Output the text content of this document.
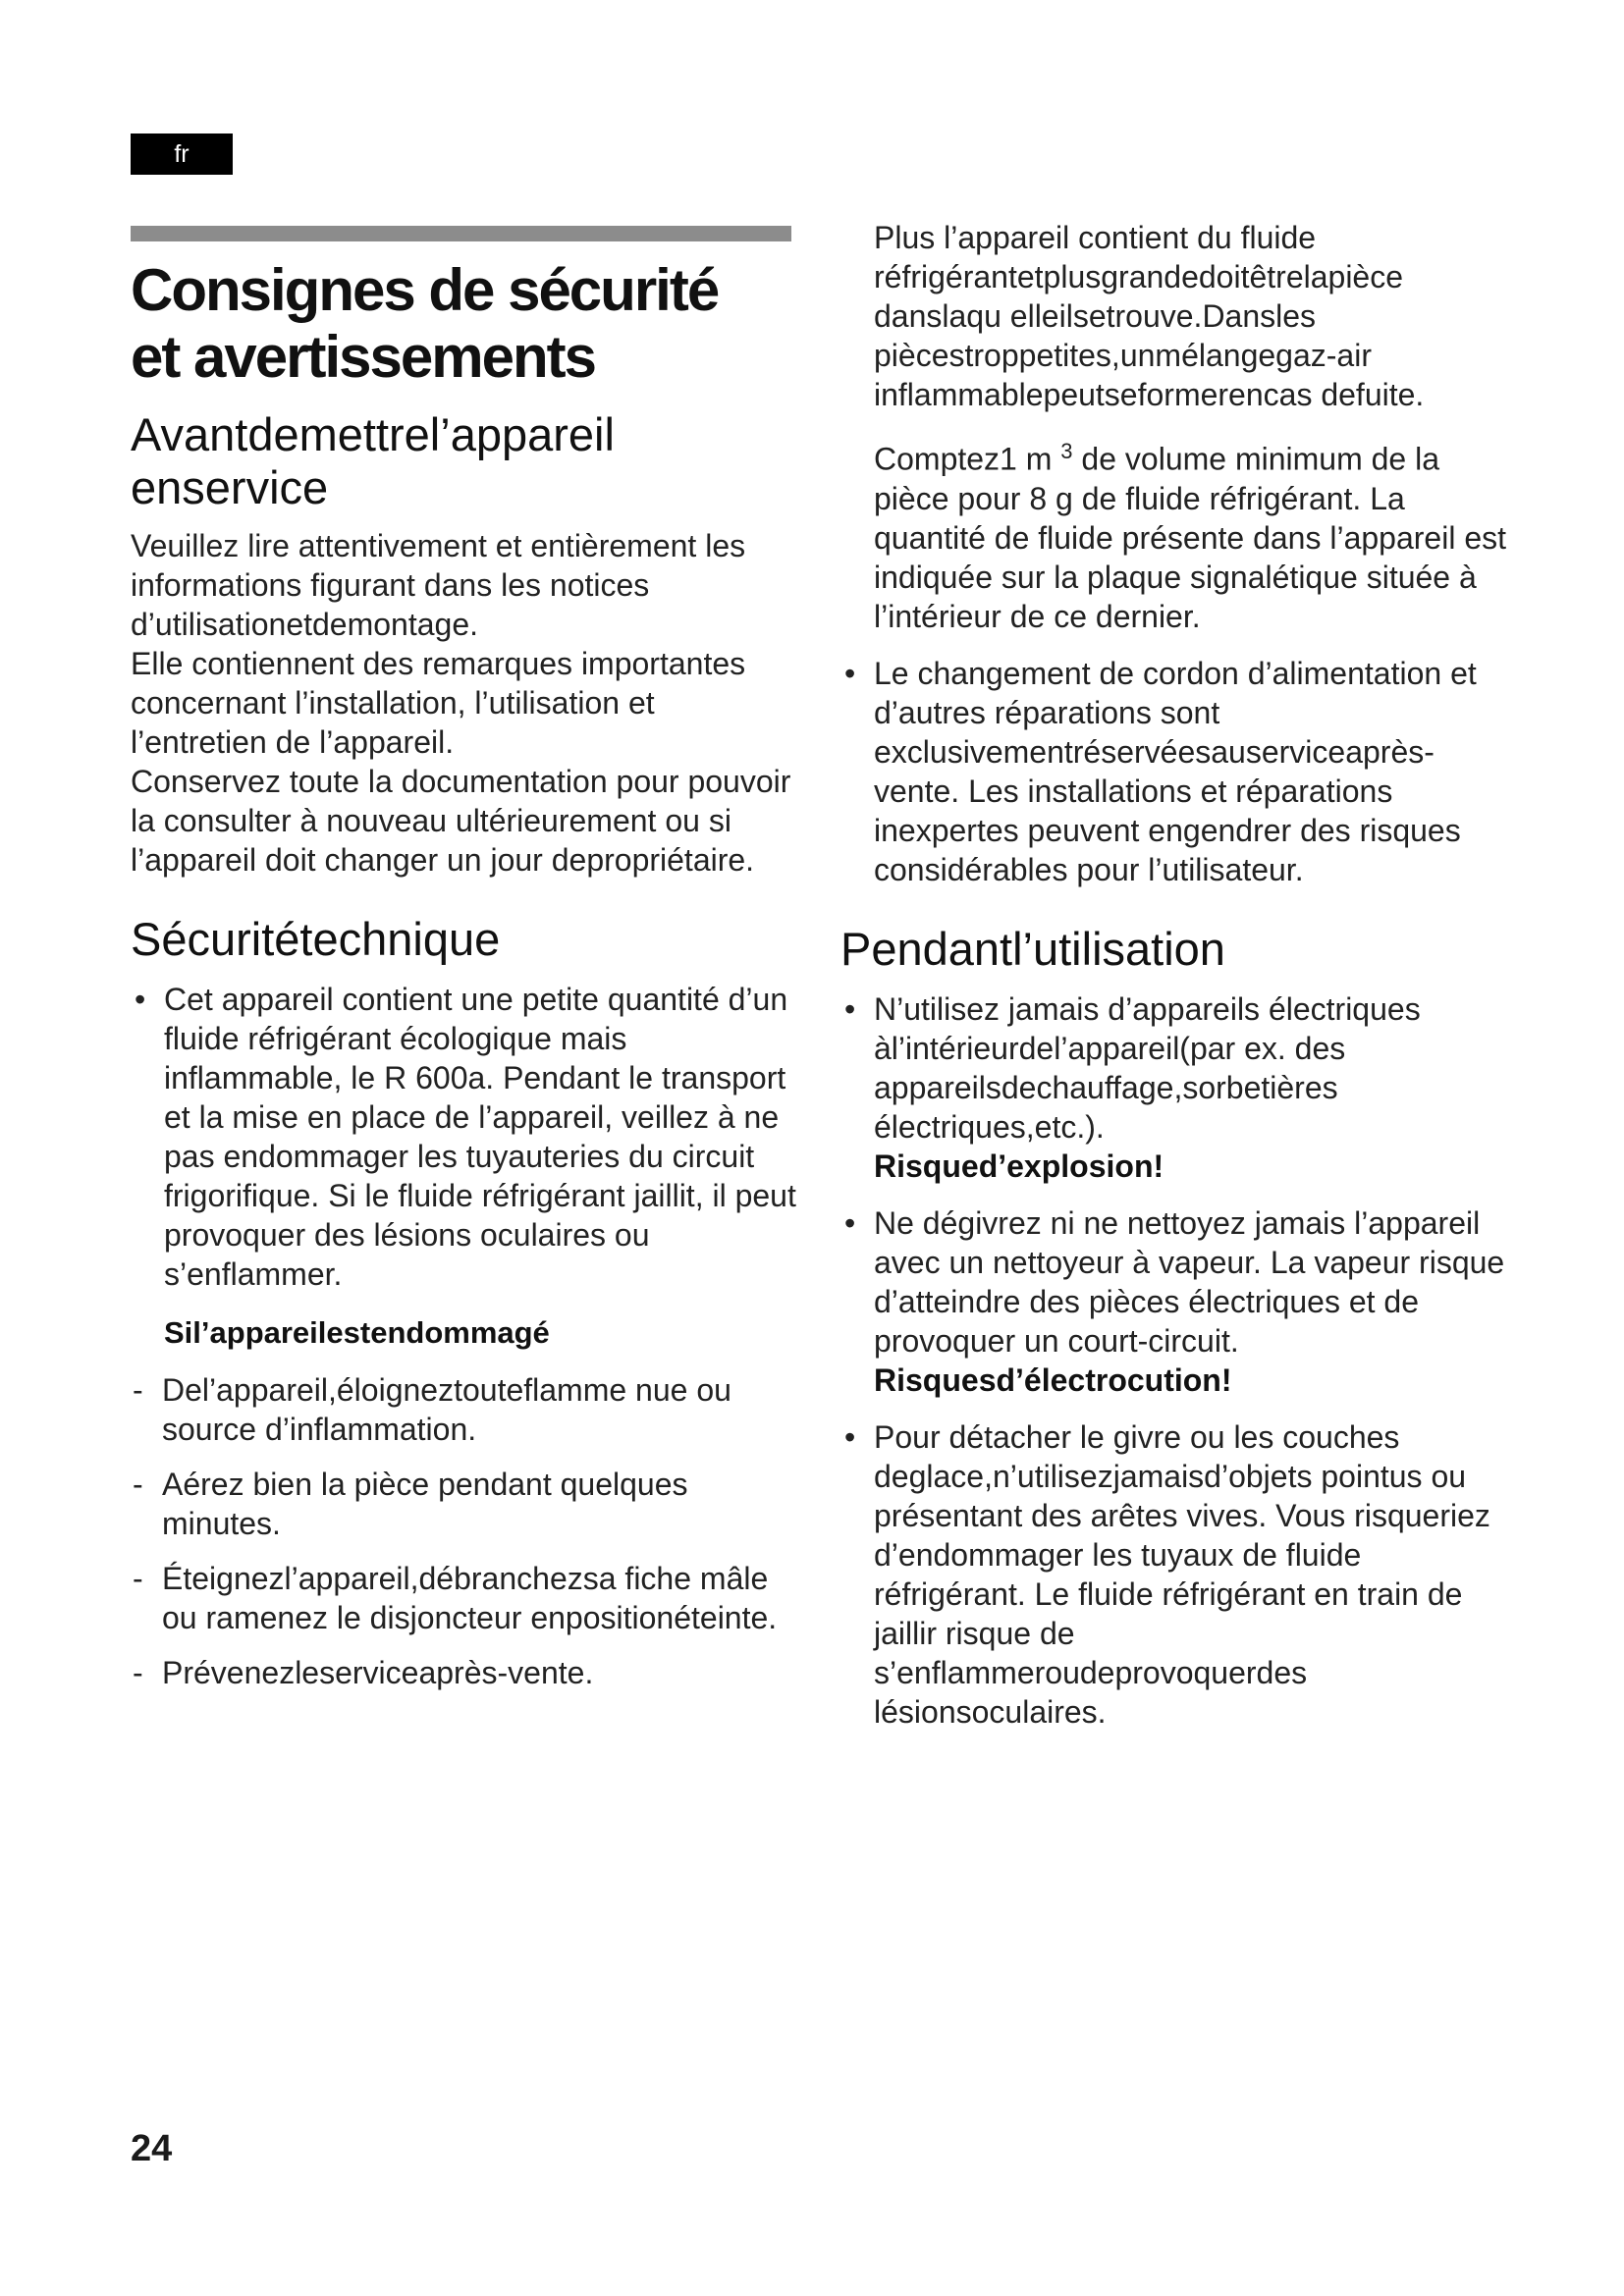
fr
Consignes de sécurité
et avertissements
Avantdemettrel’appareil
enservice

Veuillez lire attentivement et entièrement les informations figurant dans les notices d’utilisationetdemontage.

Elle contiennent des remarques importantes concernant l’installation, l’utilisation et l’entretien de l’appareil.

Conservez toute la documentation pour pouvoir la consulter à nouveau ultérieurement ou si l’appareil doit changer un jour depropriétaire.

Sécuritétechnique
• Cet appareil contient une petite quantité d’un fluide réfrigérant écologique mais inflammable, le R 600a. Pendant le transport et la mise en place de l’appareil, veillez à ne pas endommager les tuyauteries du circuit frigorifique. Si le fluide réfrigérant jaillit, il peut provoquer des lésions oculaires ou s’enflammer.

Sil’appareilestendommagé

- Del’appareil,éloigneztouteflamme nue ou source d’inflammation.
- Aérez bien la pièce pendant quelques minutes.
- Éteignezl’appareil,débranchezsa fiche mâle ou ramenez le disjoncteur enpositionéteinte.
- Prévenezleserviceaprès-vente.

Plus l’appareil contient du fluide réfrigérantetplusgrandedoitêtrelapièce danslaqu elleilsetrouve.Dansles piècestroppetites,unmélangegaz-air inflammablepeutseformerencas defuite.

Comptez1 m $^3$ de volume minimum de la pièce pour 8 g de fluide réfrigérant. La quantité de fluide présente dans l’appareil est indiquée sur la plaque signalétique située à l’intérieur de ce dernier.

• Le changement de cordon d’alimentation et d’autres réparations sont exclusivementréservéesauserviceaprès-vente. Les installations et réparations inexpertes peuvent engendrer des risques considérables pour l’utilisateur.
Pendantl’utilisation
• N’utilisez jamais d’appareils électriques àl’intérieurdel’appareil(par ex. des appareilsdechauffage,sorbetières électriques,etc.).
Risqued’explosion!
• Ne dégivrez ni ne nettoyez jamais l’appareil avec un nettoyeur à vapeur. La vapeur risque d’atteindre des pièces électriques et de provoquer un court-circuit.
Risquesd’électrocution!
• Pour détacher le givre ou les couches deglace,n’utilisezjamaisd’objets pointus ou présentant des arêtes vives. Vous risqueriez d’endommager les tuyaux de fluide réfrigérant. Le fluide réfrigérant en train de jaillir risque de s’enflammeroudeprovoquerdes lésionsoculaires.
24
